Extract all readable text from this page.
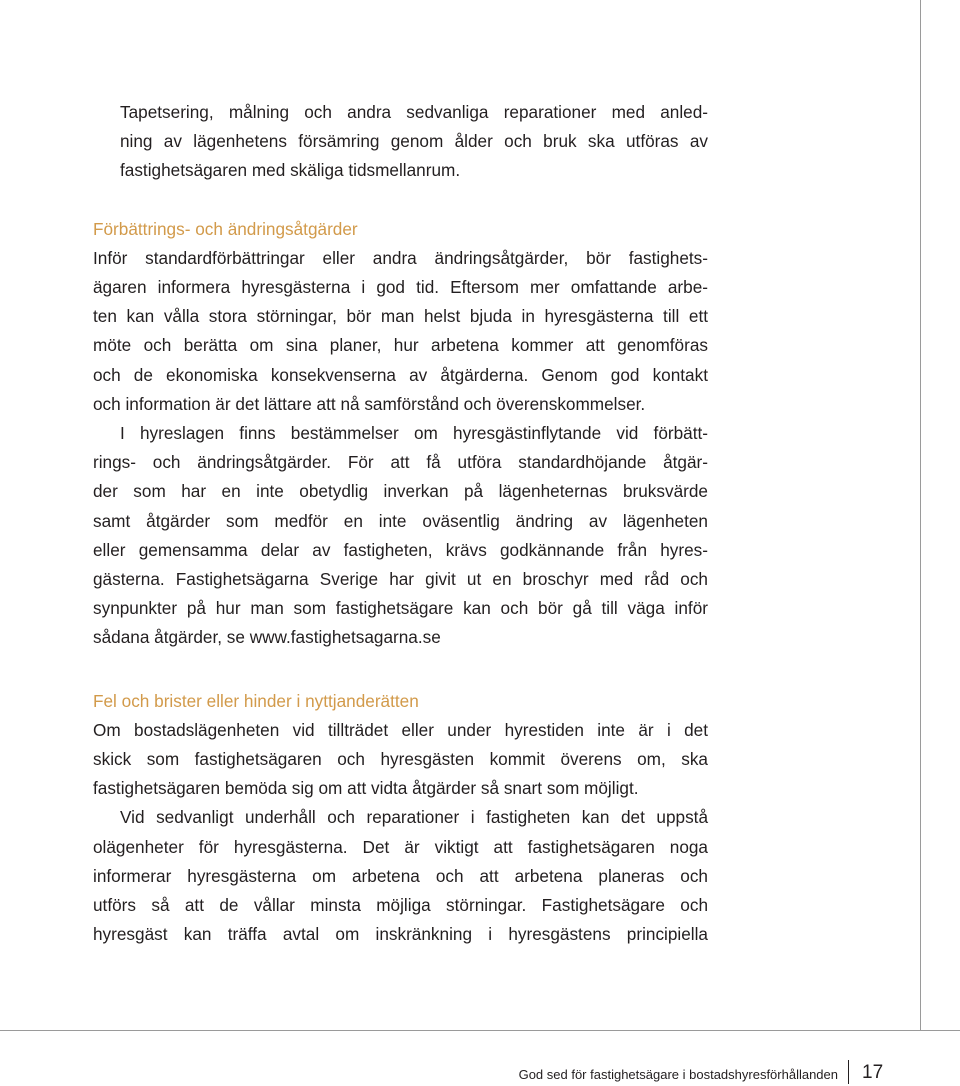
Tapetsering, målning och andra sedvanliga reparationer med anled-
ning av lägenhetens försämring genom ålder och bruk ska utföras av
fastighetsägaren med skäliga tidsmellanrum.

Förbättrings- och ändringsåtgärder

Inför standardförbättringar eller andra ändringsåtgärder, bör fastighets-
ägaren informera hyresgästerna i god tid. Eftersom mer omfattande arbe-
ten kan vålla stora störningar, bör man helst bjuda in hyresgästerna till ett
möte och berätta om sina planer, hur arbetena kommer att genomföras
och de ekonomiska konsekvenserna av åtgärderna. Genom god kontakt
och information är det lättare att nå samförstånd och överenskommelser.

I hyreslagen finns bestämmelser om hyresgästinflytande vid förbätt-
rings- och ändringsåtgärder. För att få utföra standardhöjande åtgär-
der som har en inte obetydlig inverkan på lägenheternas bruksvärde
samt åtgärder som medför en inte oväsentlig ändring av lägenheten
eller gemensamma delar av fastigheten, krävs godkännande från hyres-
gästerna. Fastighetsägarna Sverige har givit ut en broschyr med råd och
synpunkter på hur man som fastighetsägare kan och bör gå till väga inför
sådana åtgärder, se www.fastighetsagarna.se

Fel och brister eller hinder i nyttjanderätten

Om bostadslägenheten vid tillträdet eller under hyrestiden inte är i det
skick som fastighetsägaren och hyresgästen kommit överens om, ska
fastighetsägaren bemöda sig om att vidta åtgärder så snart som möjligt.

Vid sedvanligt underhåll och reparationer i fastigheten kan det uppstå
olägenheter för hyresgästerna. Det är viktigt att fastighetsägaren noga
informerar hyresgästerna om arbetena och att arbetena planeras och
utförs så att de vållar minsta möjliga störningar. Fastighetsägare och
hyresgäst kan träffa avtal om inskränkning i hyresgästens principiella

God sed för fastighetsägare i bostadshyresförhållanden 17
